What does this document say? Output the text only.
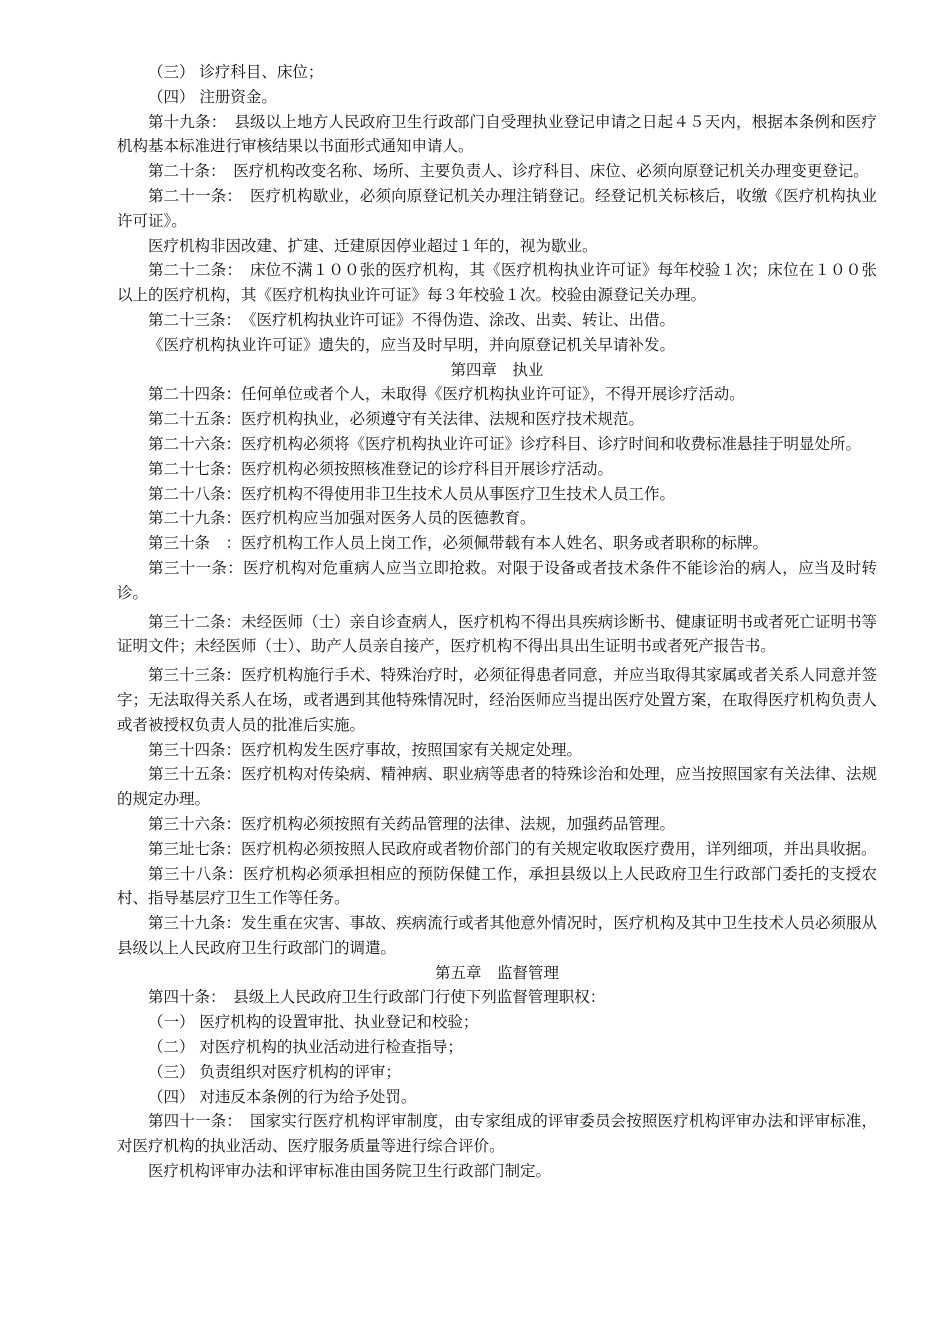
（三） 诊疗科目、床位；

（四） 注册资金。

第十九条：　县级以上地方人民政府卫生行政部门自受理执业登记申请之日起４５天内，根据本条例和医疗机构基本标准进行审核结果以书面形式通知申请人。

第二十条：　医疗机构改变名称、场所、主要负责人、诊疗科目、床位、必须向原登记机关办理变更登记。

第二十一条：　医疗机构歇业，必须向原登记机关办理注销登记。经登记机关标核后，收缴《医疗机构执业许可证》。

医疗机构非因改建、扩建、迁建原因停业超过１年的，视为歇业。

第二十二条：　床位不满１００张的医疗机构，其《医疗机构执业许可证》每年校验１次；床位在１００张以上的医疗机构，其《医疗机构执业许可证》每３年校验１次。校验由源登记关办理。

第二十三条：　《医疗机构执业许可证》不得伪造、涂改、出卖、转让、出借。

《医疗机构执业许可证》遗失的，应当及时早明，并向原登记机关早请补发。

第四章　执业

第二十四条：任何单位或者个人，未取得《医疗机构执业许可证》，不得开展诊疗活动。

第二十五条：医疗机构执业，必须遵守有关法律、法规和医疗技术规范。

第二十六条：医疗机构必须将《医疗机构执业许可证》诊疗科目、诊疗时间和收费标准悬挂于明显处所。

第二十七条：医疗机构必须按照核准登记的诊疗科目开展诊疗活动。

第二十八条：医疗机构不得使用非卫生技术人员从事医疗卫生技术人员工作。

第二十九条：医疗机构应当加强对医务人员的医德教育。

第三十条　：医疗机构工作人员上岗工作，必须佩带载有本人姓名、职务或者职称的标牌。

第三十一条：医疗机构对危重病人应当立即抢救。对限于设备或者技术条件不能诊治的病人，应当及时转诊。

第三十二条：未经医师（士）亲自诊查病人，医疗机构不得出具疾病诊断书、健康证明书或者死亡证明书等证明文件；未经医师（士）、助产人员亲自接产，医疗机构不得出具出生证明书或者死产报告书。

第三十三条：医疗机构施行手术、特殊治疗时，必须征得患者同意，并应当取得其家属或者关系人同意并签字；无法取得关系人在场，或者遇到其他特殊情况时，经治医师应当提出医疗处置方案，在取得医疗机构负责人或者被授权负责人员的批准后实施。

第三十四条：医疗机构发生医疗事故，按照国家有关规定处理。

第三十五条：医疗机构对传染病、精神病、职业病等患者的特殊诊治和处理，应当按照国家有关法律、法规的规定办理。

第三十六条：医疗机构必须按照有关药品管理的法律、法规，加强药品管理。

第三址七条：医疗机构必须按照人民政府或者物价部门的有关规定收取医疗费用，详列细项，并出具收据。

第三十八条：医疗机构必须承担相应的预防保健工作，承担县级以上人民政府卫生行政部门委托的支授农村、指导基层疗卫生工作等任务。

第三十九条：发生重在灾害、事故、疾病流行或者其他意外情况时，医疗机构及其中卫生技术人员必须服从县级以上人民政府卫生行政部门的调遣。

第五章　监督管理

第四十条：　县级上人民政府卫生行政部门行使下列监督管理职权：

（一） 医疗机构的设置审批、执业登记和校验；

（二） 对医疗机构的执业活动进行检查指导；

（三） 负责组织对医疗机构的评审；

（四） 对违反本条例的行为给予处罚。

第四十一条：　国家实行医疗机构评审制度，由专家组成的评审委员会按照医疗机构评审办法和评审标准，对医疗机构的执业活动、医疗服务质量等进行综合评价。

医疗机构评审办法和评审标准由国务院卫生行政部门制定。
